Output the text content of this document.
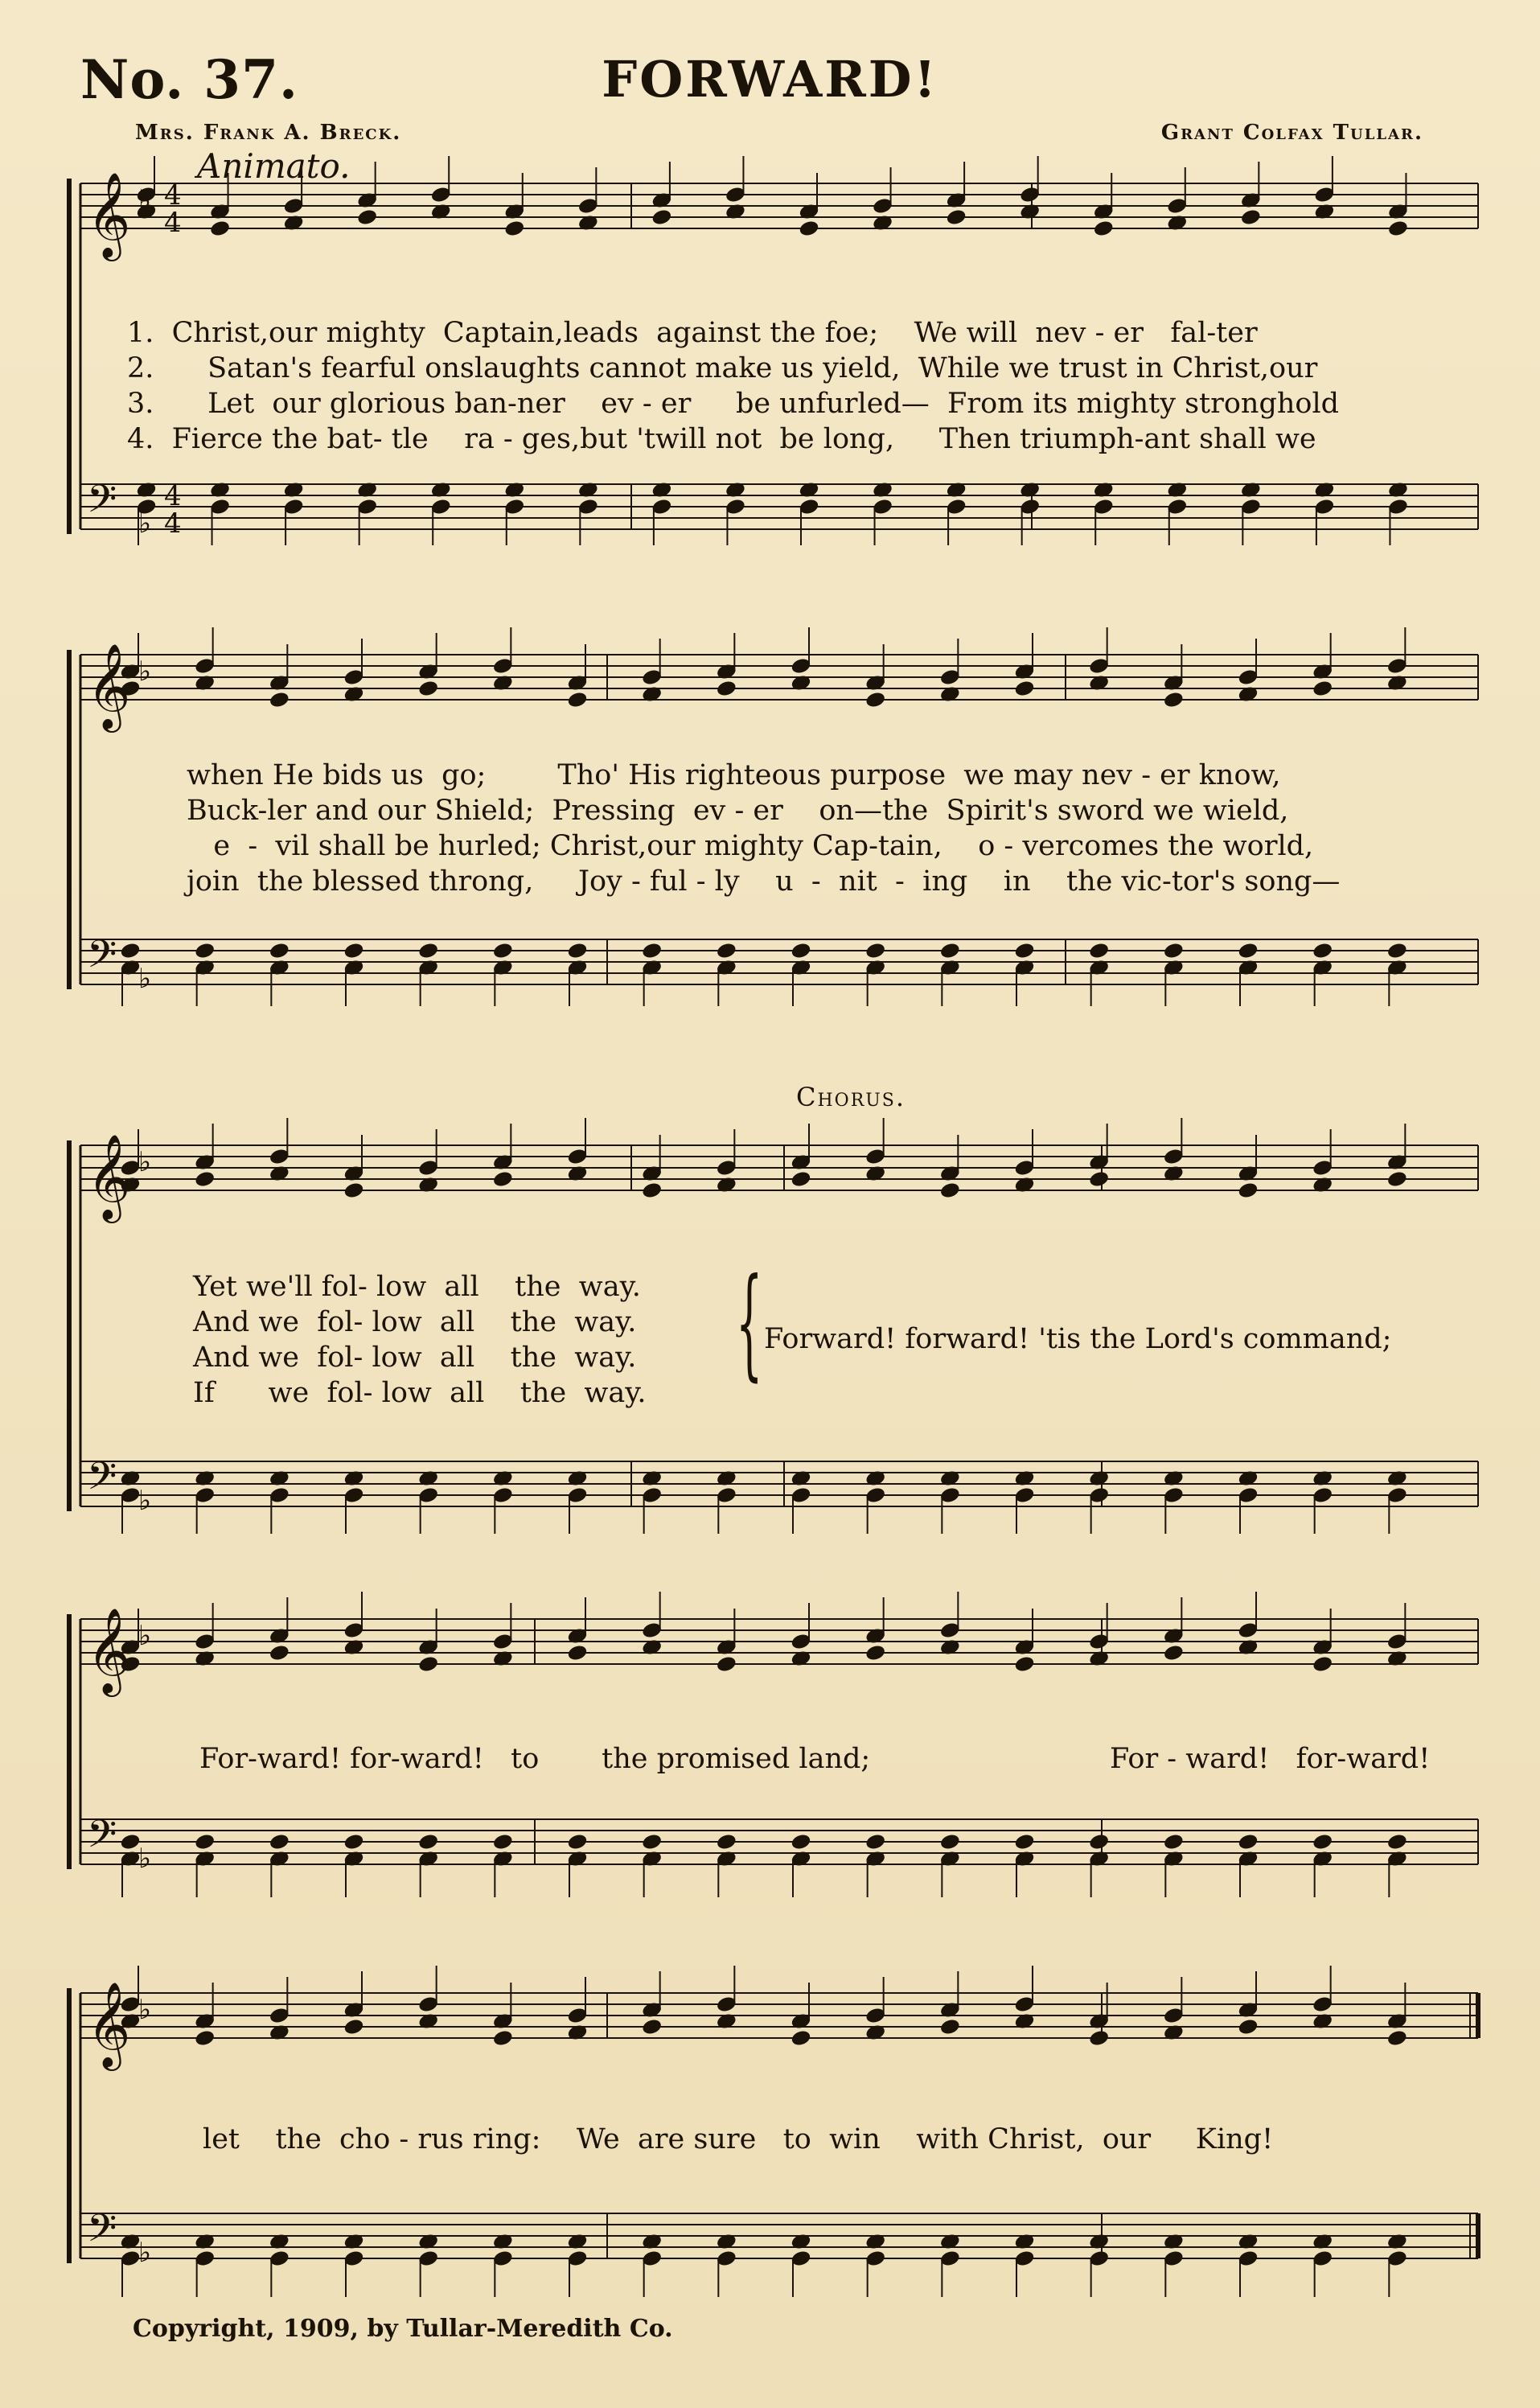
No. 37.	FORWARD!
Mrs. Frank A. Breck.	Grant Colfax Tullar.
Animato.
𝄞
𝄢
♭
♭
4
4
4
4
𝄞
𝄢
♭
♭
𝄞
𝄢
♭
♭
𝄞
𝄢
♭
♭
𝄞
𝄢
♭
♭
1.  Christ,our mighty  Captain,leads  against the foe;    We will  nev - er   fal-ter
2.      Satan's fearful onslaughts cannot make us yield,  While we trust in Christ,our
3.      Let  our glorious ban-ner    ev - er     be unfurled—  From its mighty stronghold
4.  Fierce the bat- tle    ra - ges,but 'twill not  be long,     Then triumph-ant shall we
when He bids us  go;        Tho' His righteous purpose  we may nev - er know,
Buck-ler and our Shield;  Pressing  ev - er    on—the  Spirit's sword we wield,
e  -  vil shall be hurled; Christ,our mighty Cap-tain,    o - vercomes the world,
join  the blessed throng,     Joy - ful - ly    u  -  nit  -  ing    in    the vic-tor's song—
Chorus.
Yet we'll fol- low  all    the  way.
And we  fol- low  all    the  way.
And we  fol- low  all    the  way.
If      we  fol- low  all    the  way. { Forward! forward! 'tis the Lord's command;
For-ward! for-ward!   to       the promised land;	For - ward!   for-ward!
let    the  cho - rus ring:    We  are sure   to  win    with Christ,  our     King!
Copyright, 1909, by Tullar-Meredith Co.
